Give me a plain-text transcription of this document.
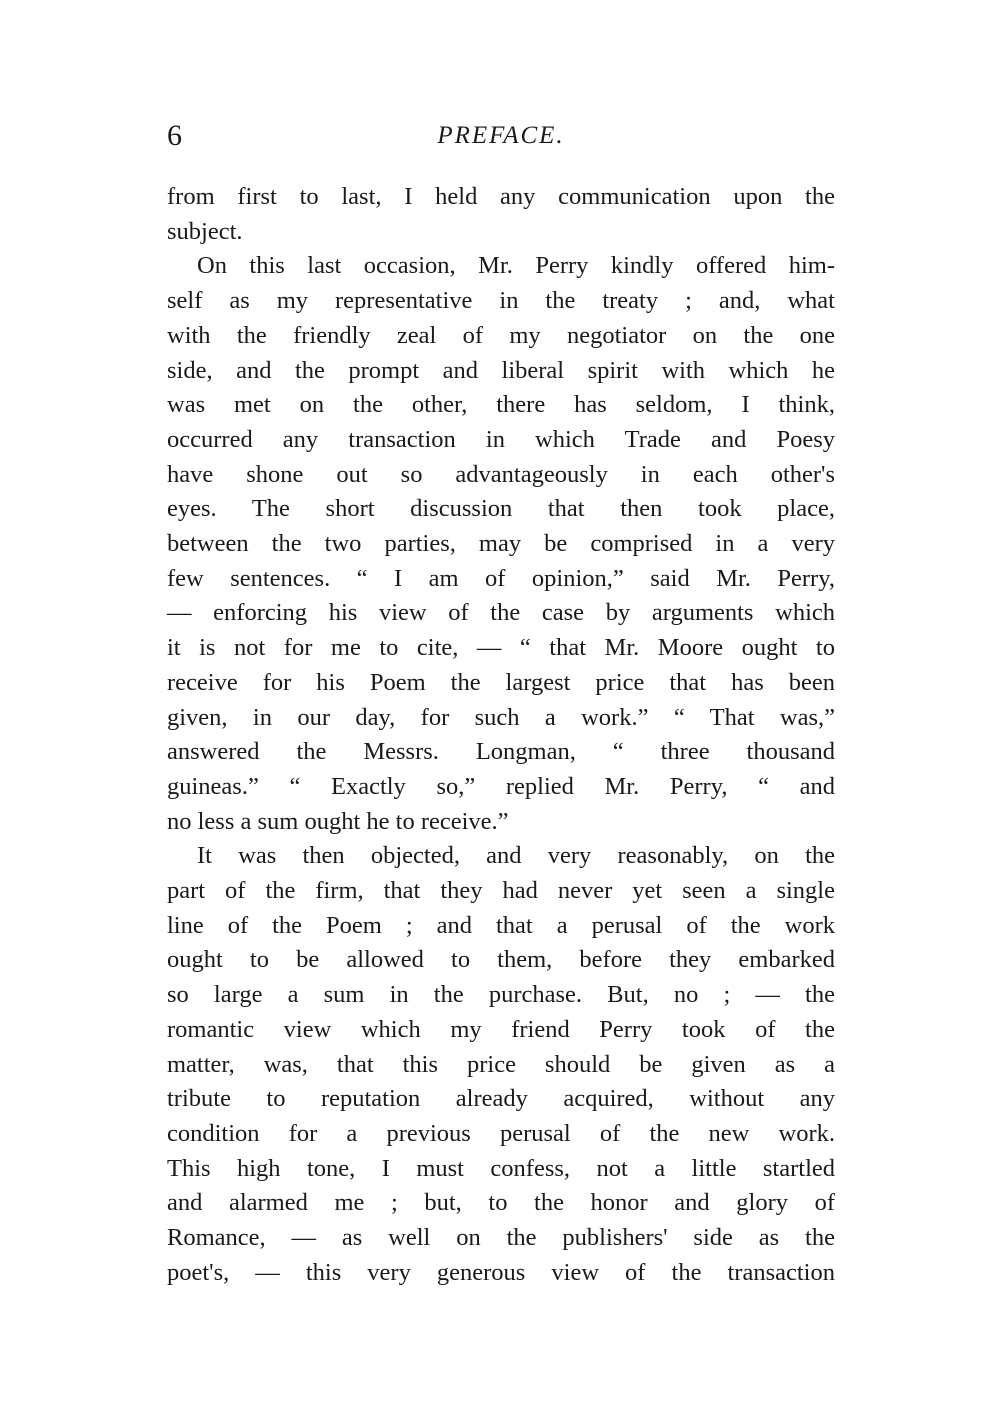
6	PREFACE.

from first to last, I held any communication upon the
subject.

On this last occasion, Mr. Perry kindly offered him-
self as my representative in the treaty ; and, what
with the friendly zeal of my negotiator on the one
side, and the prompt and liberal spirit with which he
was met on the other, there has seldom, I think,
occurred any transaction in which Trade and Poesy
have shone out so advantageously in each other's
eyes. The short discussion that then took place,
between the two parties, may be comprised in a very
few sentences. “ I am of opinion,” said Mr. Perry,
— enforcing his view of the case by arguments which
it is not for me to cite, — “ that Mr. Moore ought to
receive for his Poem the largest price that has been
given, in our day, for such a work.” “ That was,”
answered the Messrs. Longman, “ three thousand
guineas.” “ Exactly so,” replied Mr. Perry, “ and
no less a sum ought he to receive.”

It was then objected, and very reasonably, on the
part of the firm, that they had never yet seen a single
line of the Poem ; and that a perusal of the work
ought to be allowed to them, before they embarked
so large a sum in the purchase. But, no ; — the
romantic view which my friend Perry took of the
matter, was, that this price should be given as a
tribute to reputation already acquired, without any
condition for a previous perusal of the new work.
This high tone, I must confess, not a little startled
and alarmed me ; but, to the honor and glory of
Romance, — as well on the publishers' side as the
poet's, — this very generous view of the transaction
